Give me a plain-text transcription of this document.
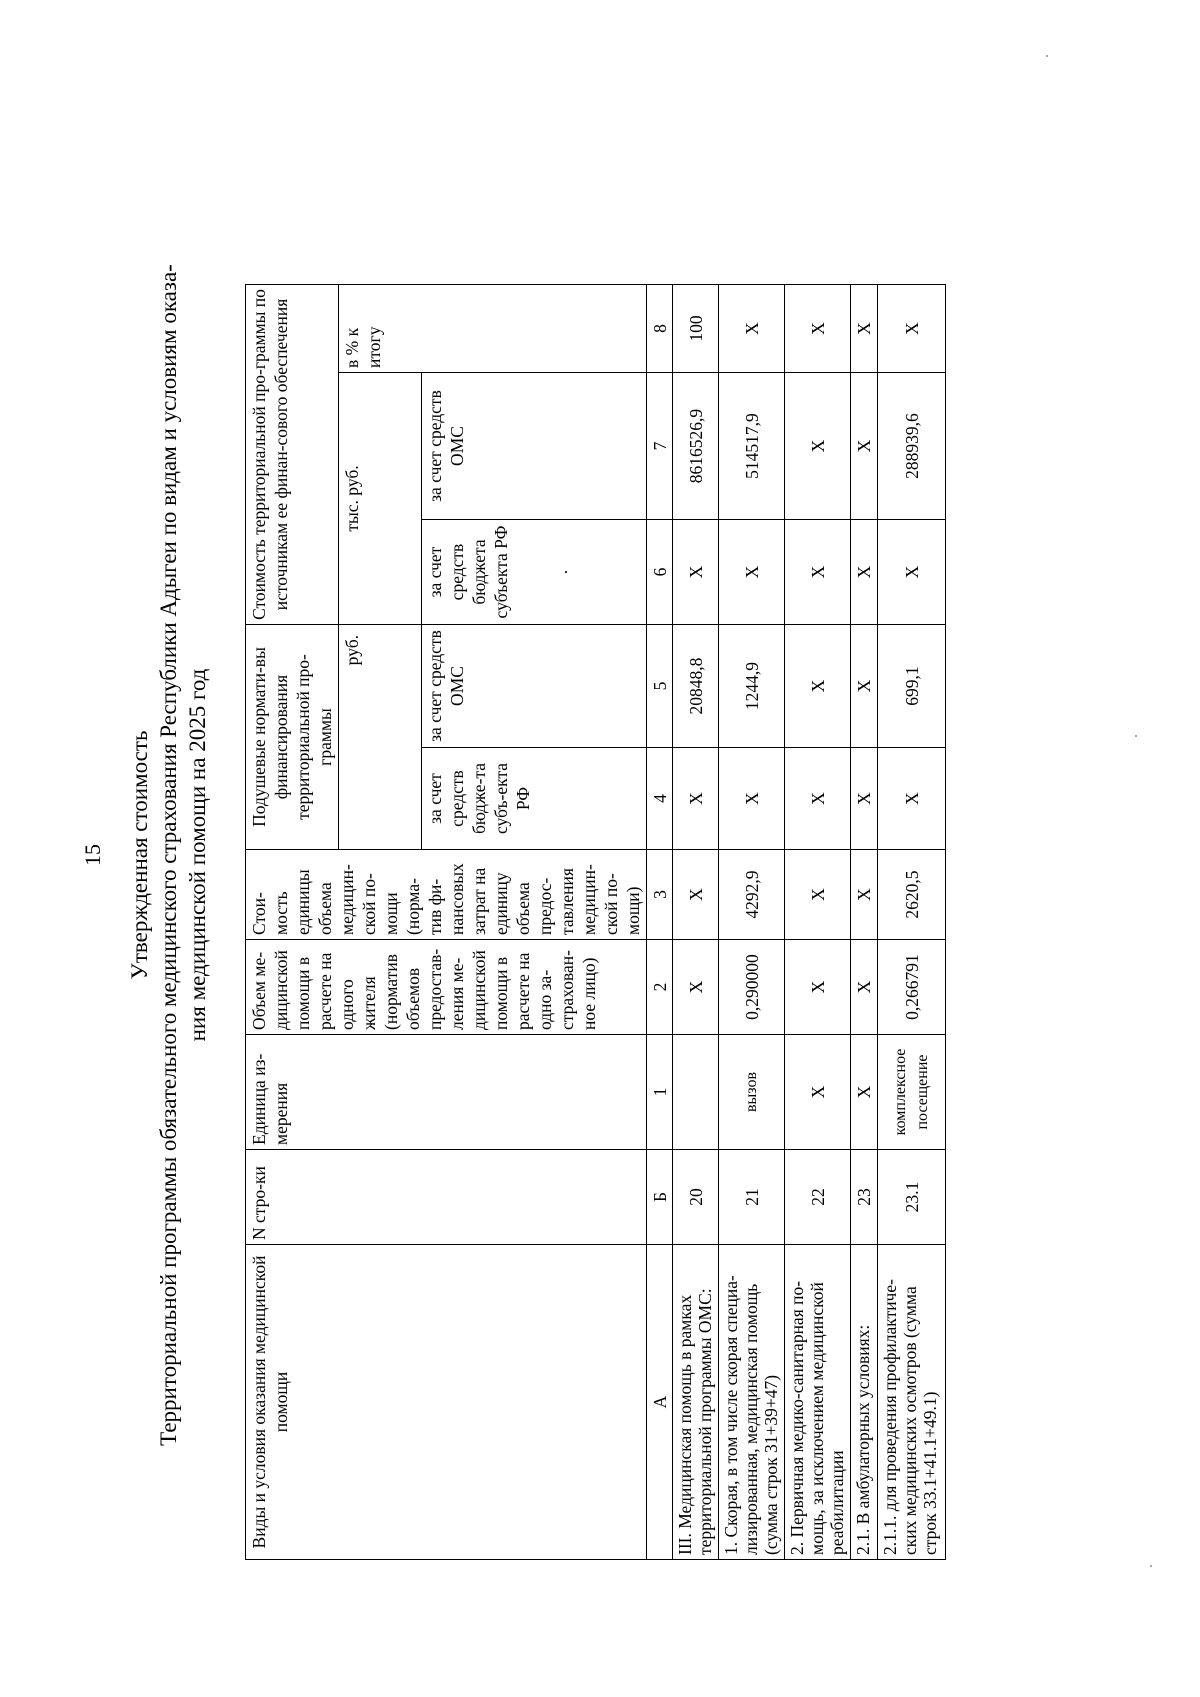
15 Утвержденная стоимость Территориальной программы обязательного медицинского страхования Республики Адыгеи по видам и условиям оказа- ния медицинской помощи на 2025 год
Виды и условия оказания медицинской помощи	N стро-ки	Единица из-мерения	Объем ме-дицинской помощи в расчете на одного жителя (норматив объемов предостав-ления ме-дицинской помощи в расчете на одно за-страхован-ное лицо)	Стои-мость единицы объема медицин-ской по-мощи (норма-тив фи-нансовых затрат на единицу объема предос-тавления медицин-ской по-мощи)	Подушевые нормати-вы финансирования территориальной про-граммы		Стоимость территориальной про-граммы по источникам ее финан-сового обеспечения		
					руб.		тыс. руб.		в % к итогу
					за счет средств бюдже-та субъ-екта РФ	за счет средств ОМС	за счет средств бюджета субъекта РФ .	за счет средств ОМС	
А	Б	1	2	3	4	5	6	7	8
III. Медицинская помощь в рамках территориальной программы ОМС:	20		Х	Х	Х	20848,8	Х	8616526,9	100
1. Скорая, в том числе скорая специа-лизированная, медицинская помощь (сумма строк 31+39+47)	21	вызов	0,290000	4292,9	Х	1244,9	Х	514517,9	Х
2. Первичная медико-санитарная по-мощь, за исключением медицинской реабилитации	22	Х	Х	Х	Х	Х	Х	Х	Х
2.1. В амбулаторных условиях:	23	Х	Х	Х	Х	Х	Х	Х	Х
2.1.1. для проведения профилактиче-ских медицинских осмотров (сумма строк 33.1+41.1+49.1)	23.1	комплексное посещение	0,266791	2620,5	Х	699,1	Х	288939,6	Х
